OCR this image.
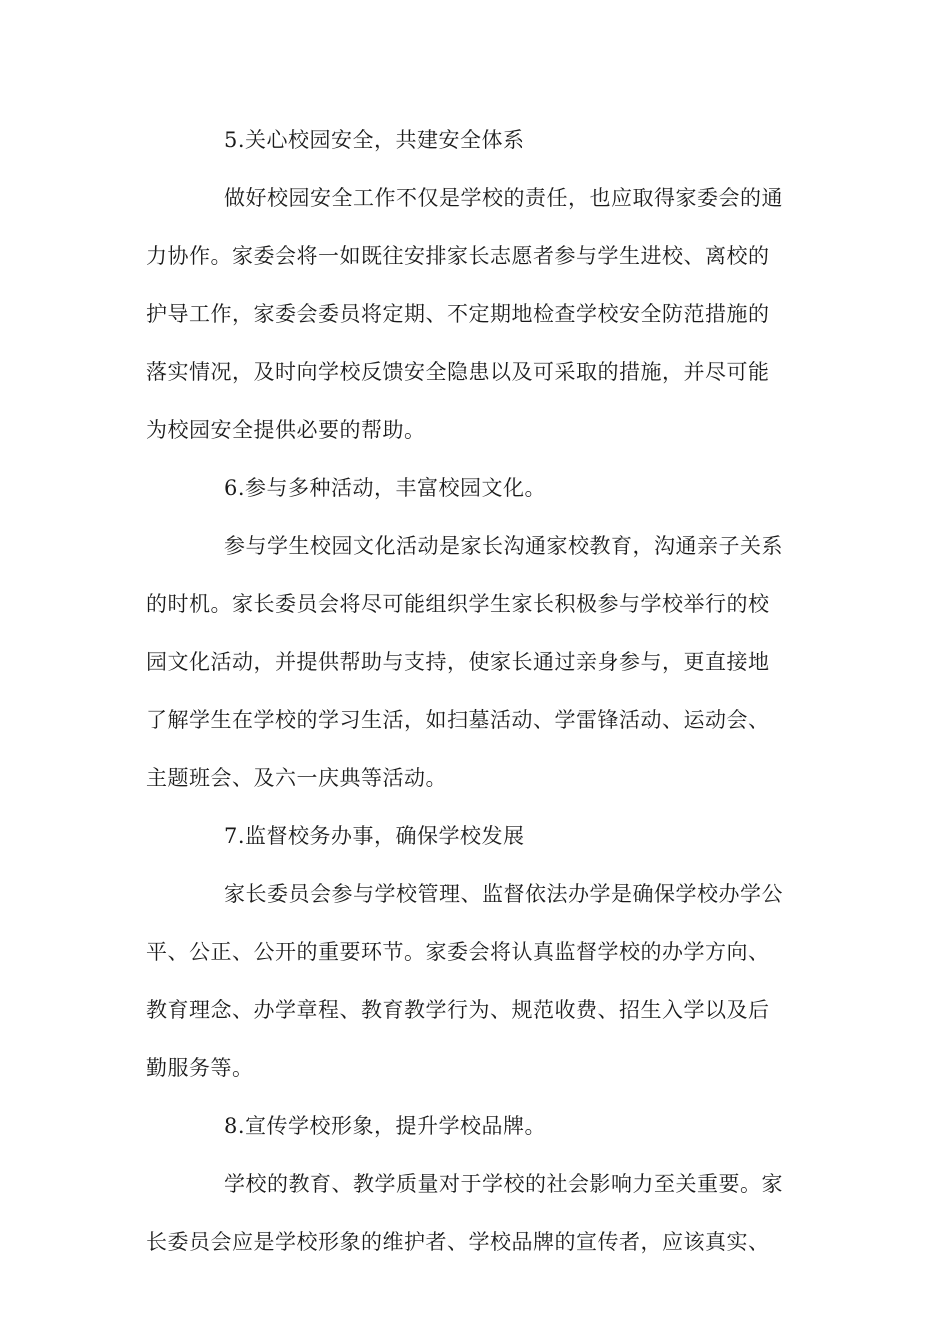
5.关心校园安全，共建安全体系
做好校园安全工作不仅是学校的责任，也应取得家委会的通
力协作。家委会将一如既往安排家长志愿者参与学生进校、离校的
护导工作，家委会委员将定期、不定期地检查学校安全防范措施的
落实情况，及时向学校反馈安全隐患以及可采取的措施，并尽可能
为校园安全提供必要的帮助。
6.参与多种活动，丰富校园文化。
参与学生校园文化活动是家长沟通家校教育，沟通亲子关系
的时机。家长委员会将尽可能组织学生家长积极参与学校举行的校
园文化活动，并提供帮助与支持，使家长通过亲身参与，更直接地
了解学生在学校的学习生活，如扫墓活动、学雷锋活动、运动会、
主题班会、及六一庆典等活动。
7.监督校务办事，确保学校发展
家长委员会参与学校管理、监督依法办学是确保学校办学公
平、公正、公开的重要环节。家委会将认真监督学校的办学方向、
教育理念、办学章程、教育教学行为、规范收费、招生入学以及后
勤服务等。
8.宣传学校形象，提升学校品牌。
学校的教育、教学质量对于学校的社会影响力至关重要。家
长委员会应是学校形象的维护者、学校品牌的宣传者，应该真实、
